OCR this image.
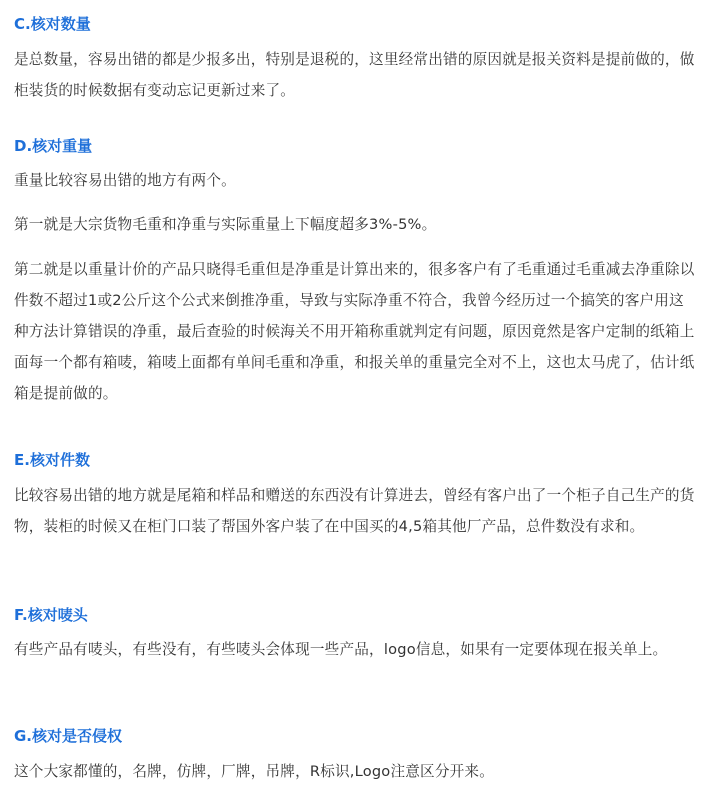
C.核对数量
是总数量，容易出错的都是少报多出，特别是退税的，这里经常出错的原因就是报关资料是提前做的，做柜装货的时候数据有变动忘记更新过来了。
D.核对重量
重量比较容易出错的地方有两个。
第一就是大宗货物毛重和净重与实际重量上下幅度超多3%-5%。
第二就是以重量计价的产品只晓得毛重但是净重是计算出来的，很多客户有了毛重通过毛重减去净重除以件数不超过1或2公斤这个公式来倒推净重，导致与实际净重不符合，我曾今经历过一个搞笑的客户用这种方法计算错误的净重，最后查验的时候海关不用开箱称重就判定有问题，原因竟然是客户定制的纸箱上面每一个都有箱唛，箱唛上面都有单间毛重和净重，和报关单的重量完全对不上，这也太马虎了，估计纸箱是提前做的。
E.核对件数
比较容易出错的地方就是尾箱和样品和赠送的东西没有计算进去，曾经有客户出了一个柜子自己生产的货物，装柜的时候又在柜门口装了帮国外客户装了在中国买的4,5箱其他厂产品，总件数没有求和。
F.核对唛头
有些产品有唛头，有些没有，有些唛头会体现一些产品，logo信息，如果有一定要体现在报关单上。
G.核对是否侵权
这个大家都懂的，名牌，仿牌，厂牌，吊牌，R标识,Logo注意区分开来。
